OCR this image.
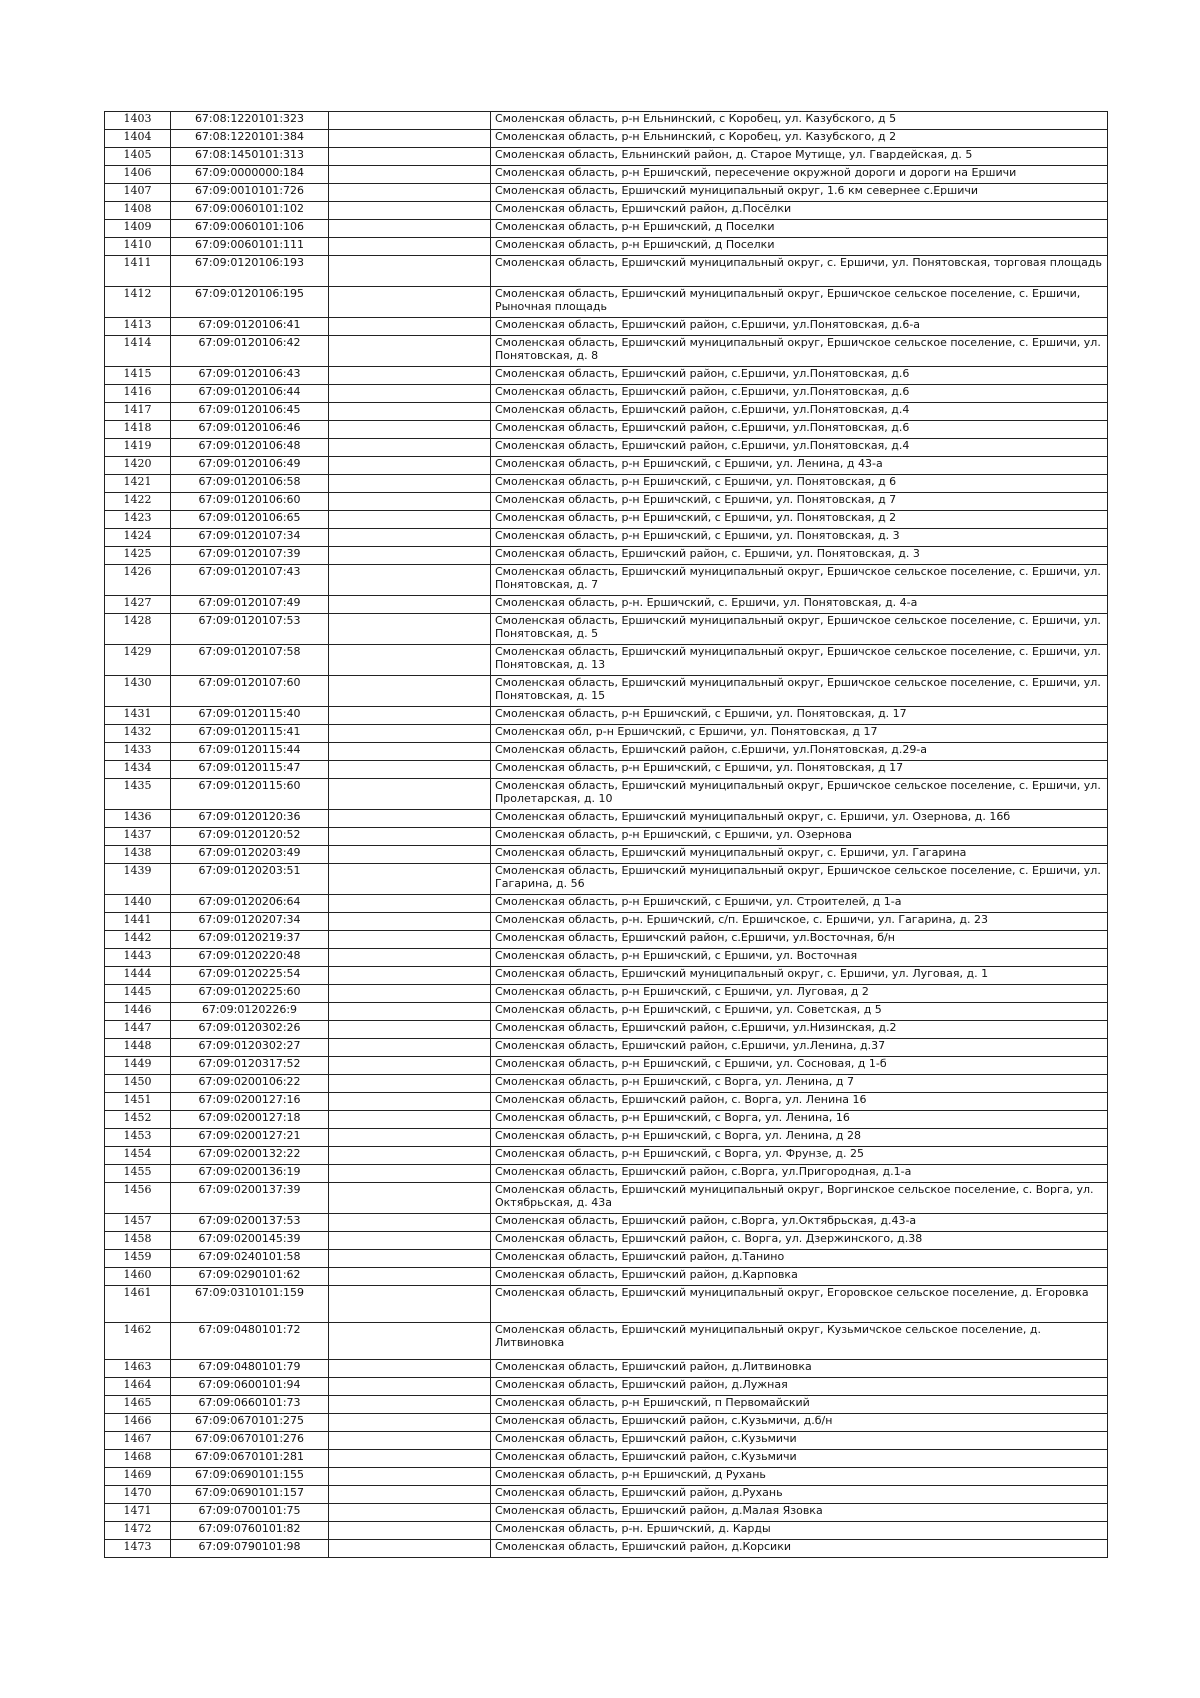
1403	67:08:1220101:323		Смоленская область, р-н Ельнинский, с Коробец, ул. Казубского, д 5
1404	67:08:1220101:384		Смоленская область, р-н Ельнинский, с Коробец, ул. Казубского, д 2
1405	67:08:1450101:313		Смоленская область, Ельнинский район, д. Старое Мутище, ул. Гвардейская, д. 5
1406	67:09:0000000:184		Смоленская область, р-н Ершичский, пересечение окружной дороги и дороги на Ершичи
1407	67:09:0010101:726		Смоленская область, Ершичский муниципальный округ, 1.6 км севернее с.Ершичи
1408	67:09:0060101:102		Смоленская область, Ершичский район, д.Посёлки
1409	67:09:0060101:106		Смоленская область, р-н Ершичский, д Поселки
1410	67:09:0060101:111		Смоленская область, р-н Ершичский, д Поселки
1411	67:09:0120106:193		Смоленская область, Ершичский муниципальный округ, с. Ершичи, ул. Понятовская, торговая площадь
1412	67:09:0120106:195		Смоленская область, Ершичский муниципальный округ, Ершичское сельское поселение, с. Ершичи, Рыночная площадь
1413	67:09:0120106:41		Смоленская область, Ершичский район, с.Ершичи, ул.Понятовская, д.6-а
1414	67:09:0120106:42		Смоленская область, Ершичский муниципальный округ, Ершичское сельское поселение, с. Ершичи, ул. Понятовская, д. 8
1415	67:09:0120106:43		Смоленская область, Ершичский район, с.Ершичи, ул.Понятовская, д.6
1416	67:09:0120106:44		Смоленская область, Ершичский район, с.Ершичи, ул.Понятовская, д.6
1417	67:09:0120106:45		Смоленская область, Ершичский район, с.Ершичи, ул.Понятовская, д.4
1418	67:09:0120106:46		Смоленская область, Ершичский район, с.Ершичи, ул.Понятовская, д.6
1419	67:09:0120106:48		Смоленская область, Ершичский район, с.Ершичи, ул.Понятовская, д.4
1420	67:09:0120106:49		Смоленская область, р-н Ершичский, с Ершичи, ул. Ленина, д 43-а
1421	67:09:0120106:58		Смоленская область, р-н Ершичский, с Ершичи, ул. Понятовская, д 6
1422	67:09:0120106:60		Смоленская область, р-н Ершичский, с Ершичи, ул. Понятовская, д 7
1423	67:09:0120106:65		Смоленская область, р-н Ершичский, с Ершичи, ул. Понятовская, д 2
1424	67:09:0120107:34		Смоленская область, р-н Ершичский, с Ершичи, ул. Понятовская, д. 3
1425	67:09:0120107:39		Смоленская область, Ершичский район, с. Ершичи, ул. Понятовская, д. 3
1426	67:09:0120107:43		Смоленская область, Ершичский муниципальный округ, Ершичское сельское поселение, с. Ершичи, ул. Понятовская, д. 7
1427	67:09:0120107:49		Смоленская область, р-н. Ершичский, с. Ершичи, ул. Понятовская, д. 4-а
1428	67:09:0120107:53		Смоленская область, Ершичский муниципальный округ, Ершичское сельское поселение, с. Ершичи, ул. Понятовская, д. 5
1429	67:09:0120107:58		Смоленская область, Ершичский муниципальный округ, Ершичское сельское поселение, с. Ершичи, ул. Понятовская, д. 13
1430	67:09:0120107:60		Смоленская область, Ершичский муниципальный округ, Ершичское сельское поселение, с. Ершичи, ул. Понятовская, д. 15
1431	67:09:0120115:40		Смоленская область, р-н Ершичский, с Ершичи, ул. Понятовская, д. 17
1432	67:09:0120115:41		Смоленская обл, р-н Ершичский, с Ершичи, ул. Понятовская, д 17
1433	67:09:0120115:44		Смоленская область, Ершичский район, с.Ершичи, ул.Понятовская, д.29-а
1434	67:09:0120115:47		Смоленская область, р-н Ершичский, с Ершичи, ул. Понятовская, д 17
1435	67:09:0120115:60		Смоленская область, Ершичский муниципальный округ, Ершичское сельское поселение, с. Ершичи, ул. Пролетарская, д. 10
1436	67:09:0120120:36		Смоленская область, Ершичский муниципальный округ, с. Ершичи, ул. Озернова, д. 16б
1437	67:09:0120120:52		Смоленская область, р-н Ершичский, с Ершичи, ул. Озернова
1438	67:09:0120203:49		Смоленская область, Ершичский муниципальный округ, с. Ершичи, ул. Гагарина
1439	67:09:0120203:51		Смоленская область, Ершичский муниципальный округ, Ершичское сельское поселение, с. Ершичи, ул. Гагарина, д. 56
1440	67:09:0120206:64		Смоленская область, р-н Ершичский, с Ершичи, ул. Строителей, д 1-а
1441	67:09:0120207:34		Смоленская область, р-н. Ершичский, с/п. Ершичское, с. Ершичи, ул. Гагарина, д. 23
1442	67:09:0120219:37		Смоленская область, Ершичский район, с.Ершичи, ул.Восточная, б/н
1443	67:09:0120220:48		Смоленская область, р-н Ершичский, с Ершичи, ул. Восточная
1444	67:09:0120225:54		Смоленская область, Ершичский муниципальный округ, с. Ершичи, ул. Луговая, д. 1
1445	67:09:0120225:60		Смоленская область, р-н Ершичский, с Ершичи, ул. Луговая, д 2
1446	67:09:0120226:9		Смоленская область, р-н Ершичский, с Ершичи, ул. Советская, д 5
1447	67:09:0120302:26		Смоленская область, Ершичский район, с.Ершичи, ул.Низинская, д.2
1448	67:09:0120302:27		Смоленская область, Ершичский район, с.Ершичи, ул.Ленина, д.37
1449	67:09:0120317:52		Смоленская область, р-н Ершичский, с Ершичи, ул. Сосновая, д 1-б
1450	67:09:0200106:22		Смоленская область, р-н Ершичский, с Ворга, ул. Ленина, д 7
1451	67:09:0200127:16		Смоленская область, Ершичский район, с. Ворга, ул. Ленина 16
1452	67:09:0200127:18		Смоленская область, р-н Ершичский, с Ворга, ул. Ленина, 16
1453	67:09:0200127:21		Смоленская область, р-н Ершичский, с Ворга, ул. Ленина, д 28
1454	67:09:0200132:22		Смоленская область, р-н Ершичский, с Ворга, ул. Фрунзе, д. 25
1455	67:09:0200136:19		Смоленская область, Ершичский район, с.Ворга, ул.Пригородная, д.1-а
1456	67:09:0200137:39		Смоленская область, Ершичский муниципальный округ, Воргинское сельское поселение, с. Ворга, ул. Октябрьская, д. 43а
1457	67:09:0200137:53		Смоленская область, Ершичский район, с.Ворга, ул.Октябрьская, д.43-а
1458	67:09:0200145:39		Смоленская область, Ершичский район, с. Ворга, ул. Дзержинского, д.38
1459	67:09:0240101:58		Смоленская область, Ершичский район, д.Танино
1460	67:09:0290101:62		Смоленская область, Ершичский район, д.Карповка
1461	67:09:0310101:159		Смоленская область, Ершичский муниципальный округ, Егоровское сельское поселение, д. Егоровка
1462	67:09:0480101:72		Смоленская область, Ершичский муниципальный округ, Кузьмичское сельское поселение, д. Литвиновка
1463	67:09:0480101:79		Смоленская область, Ершичский район, д.Литвиновка
1464	67:09:0600101:94		Смоленская область, Ершичский район, д.Лужная
1465	67:09:0660101:73		Смоленская область, р-н Ершичский, п Первомайский
1466	67:09:0670101:275		Смоленская область, Ершичский район, с.Кузьмичи, д.б/н
1467	67:09:0670101:276		Смоленская область, Ершичский район, с.Кузьмичи
1468	67:09:0670101:281		Смоленская область, Ершичский район, с.Кузьмичи
1469	67:09:0690101:155		Смоленская область, р-н Ершичский, д Рухань
1470	67:09:0690101:157		Смоленская область, Ершичский район, д.Рухань
1471	67:09:0700101:75		Смоленская область, Ершичский район, д.Малая Язовка
1472	67:09:0760101:82		Смоленская область, р-н. Ершичский, д. Карды
1473	67:09:0790101:98		Смоленская область, Ершичский район, д.Корсики
